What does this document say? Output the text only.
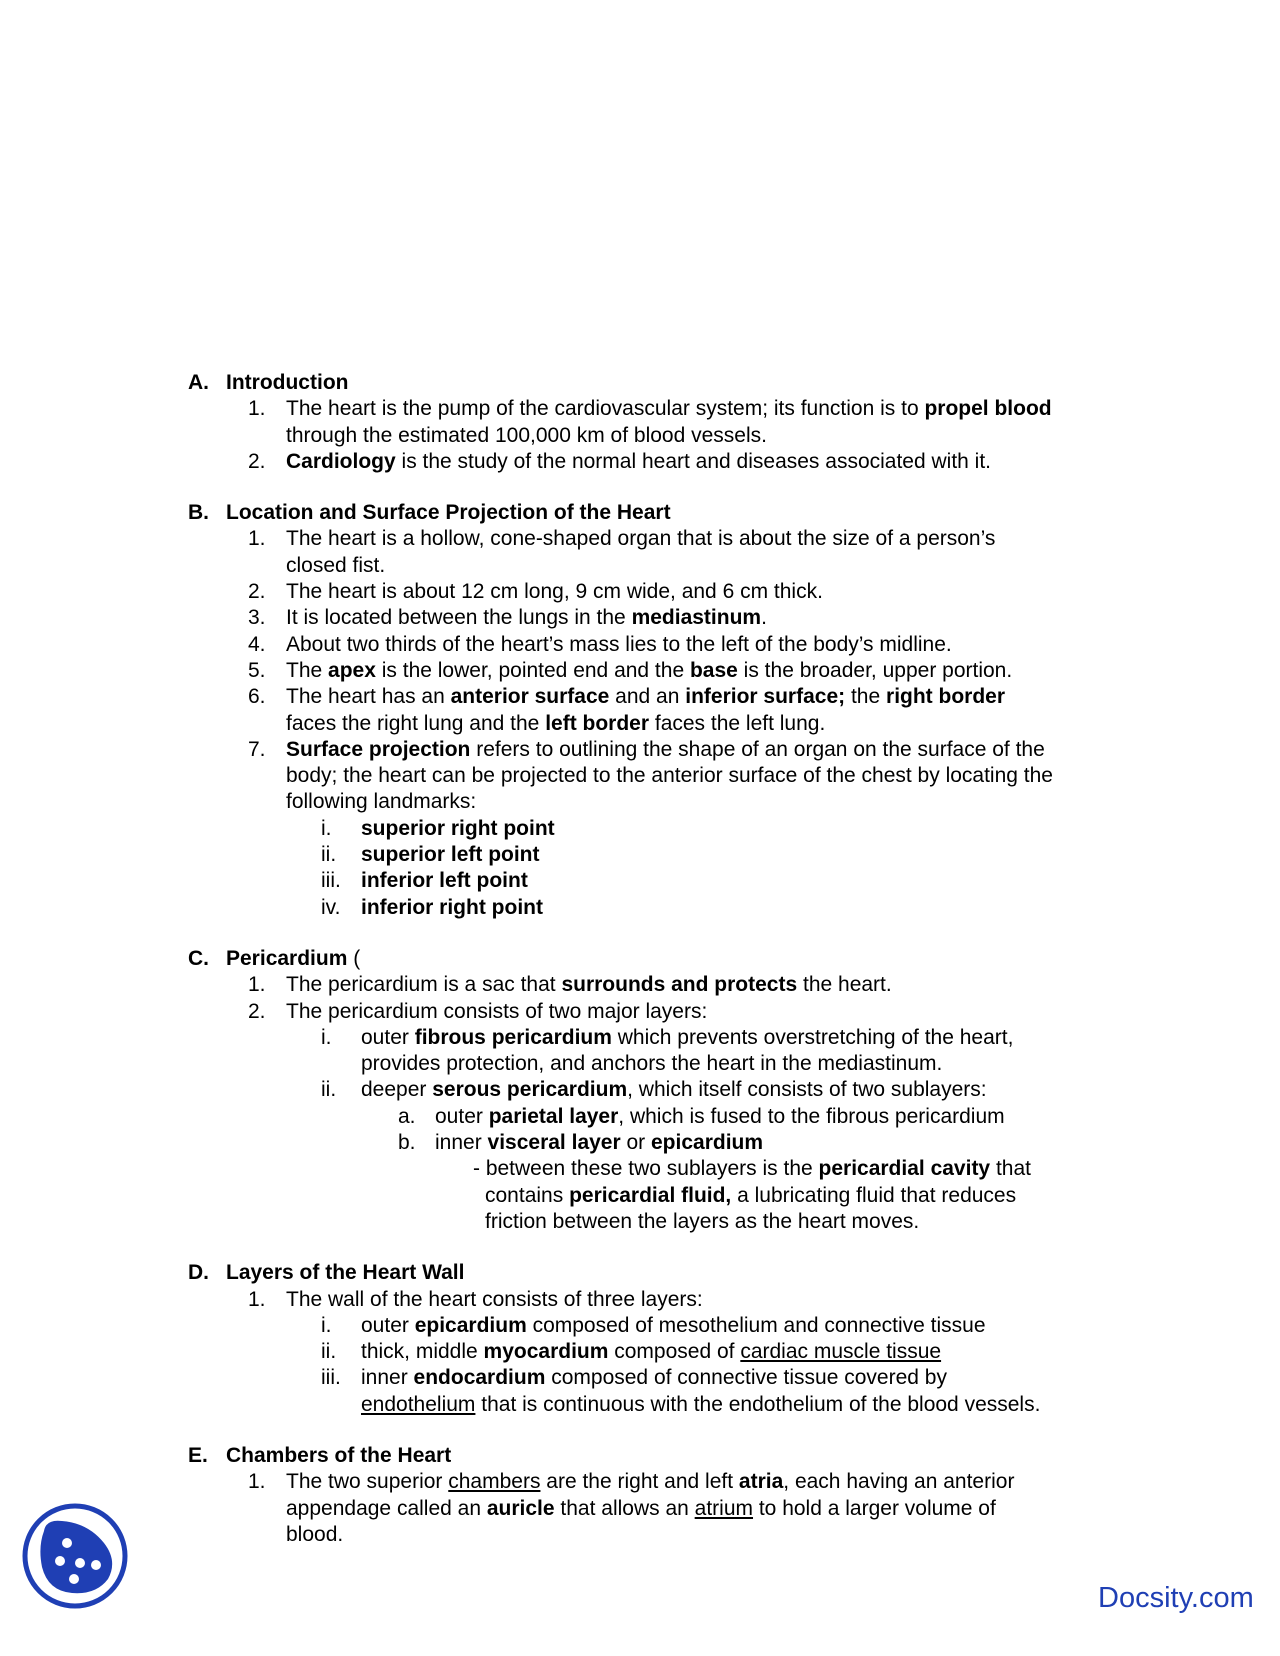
A. Introduction
1. The heart is the pump of the cardiovascular system; its function is to propel blood
through the estimated 100,000 km of blood vessels.
2. Cardiology is the study of the normal heart and diseases associated with it.
B. Location and Surface Projection of the Heart
1. The heart is a hollow, cone-shaped organ that is about the size of a person’s
closed fist.
2. The heart is about 12 cm long, 9 cm wide, and 6 cm thick.
3. It is located between the lungs in the mediastinum.
4. About two thirds of the heart’s mass lies to the left of the body’s midline.
5. The apex is the lower, pointed end and the base is the broader, upper portion.
6. The heart has an anterior surface and an inferior surface; the right border
faces the right lung and the left border faces the left lung.
7. Surface projection refers to outlining the shape of an organ on the surface of the
body; the heart can be projected to the anterior surface of the chest by locating the
following landmarks:
i. superior right point
ii. superior left point
iii. inferior left point
iv. inferior right point
C. Pericardium (
1. The pericardium is a sac that surrounds and protects the heart.
2. The pericardium consists of two major layers:
i. outer fibrous pericardium which prevents overstretching of the heart,
provides protection, and anchors the heart in the mediastinum.
ii. deeper serous pericardium, which itself consists of two sublayers:
a. outer parietal layer, which is fused to the fibrous pericardium
b. inner visceral layer or epicardium
- between these two sublayers is the pericardial cavity that
contains pericardial fluid, a lubricating fluid that reduces
friction between the layers as the heart moves.
D. Layers of the Heart Wall
1. The wall of the heart consists of three layers:
i. outer epicardium composed of mesothelium and connective tissue
ii. thick, middle myocardium composed of cardiac muscle tissue
iii. inner endocardium composed of connective tissue covered by
endothelium that is continuous with the endothelium of the blood vessels.
E. Chambers of the Heart
1. The two superior chambers are the right and left atria, each having an anterior
appendage called an auricle that allows an atrium to hold a larger volume of
blood.
Docsity.com
